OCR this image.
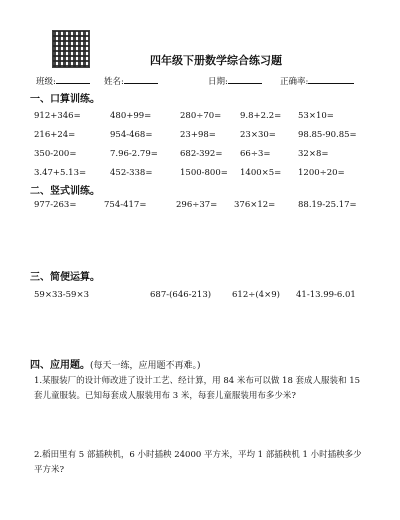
四年级下册数学综合练习题
班级:	姓名:	日期:	正确率:
一、口算训练。
912+346=	480+99=	280÷70= 9.8+2.2= 53×10=
216+24=	954-468=	23+98=	23×30=	98.85-90.85=
350-200=	7.96-2.79=	682-392= 66÷3=	32×8=
3.47+5.13=	452-338=	1500-800= 1400×5= 1200÷20=
二、竖式训练。
977-263=	754-417=	296÷37= 376×12=	88.19-25.17=
三、简便运算。
59×33-59×3	687-(646-213) 612÷(4×9) 41-13.99-6.01
四、应用题。(每天一练，应用题不再难。)
1.某服装厂的设计师改进了设计工艺、经计算，用 84 米布可以做 18 套成人服装和 15 套儿童服装。已知每套成人服装用布 3 米，每套儿童服装用布多少米?
2.稻田里有 5 部插秧机，6 小时插秧 24000 平方米，平均 1 部插秧机 1 小时插秧多少平方米?
